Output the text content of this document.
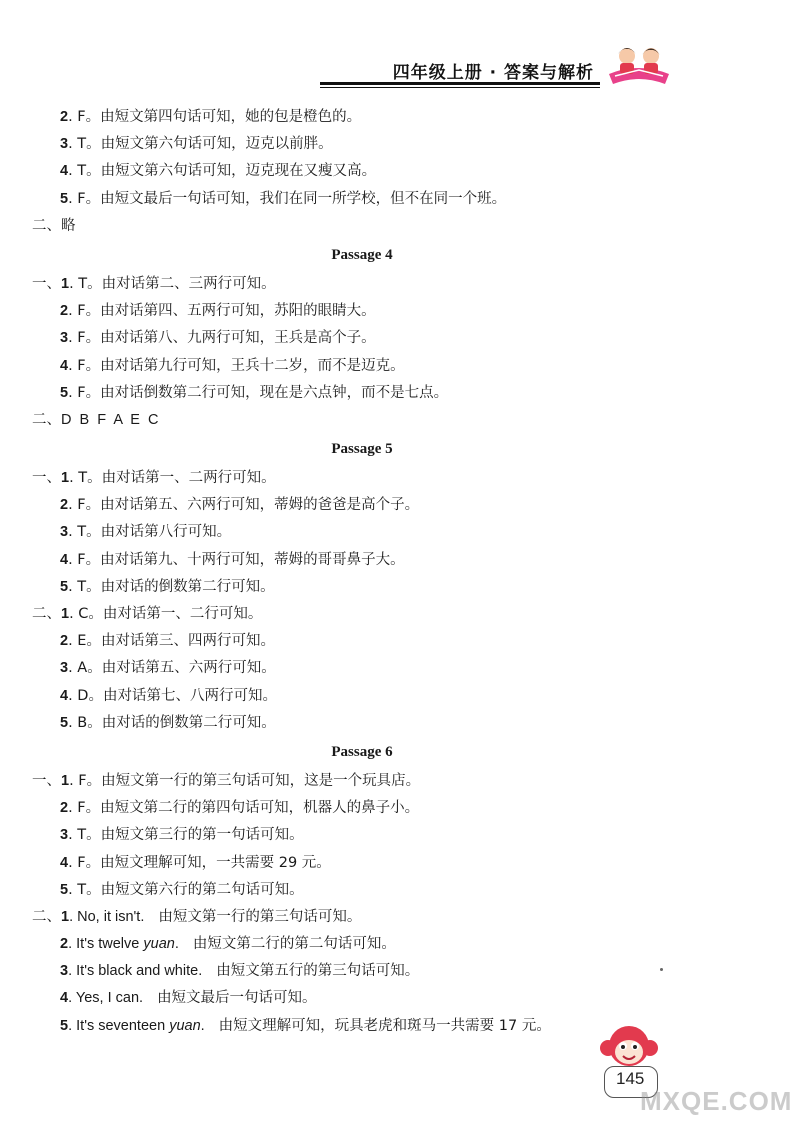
四年级上册 · 答案与解析
2. F。由短文第四句话可知，她的包是橙色的。
3. T。由短文第六句话可知，迈克以前胖。
4. T。由短文第六句话可知，迈克现在又瘦又高。
5. F。由短文最后一句话可知，我们在同一所学校，但不在同一个班。
二、略
Passage 4
一、1. T。由对话第二、三两行可知。
2. F。由对话第四、五两行可知，苏阳的眼睛大。
3. F。由对话第八、九两行可知，王兵是高个子。
4. F。由对话第九行可知，王兵十二岁，而不是迈克。
5. F。由对话倒数第二行可知，现在是六点钟，而不是七点。
二、D  B  F  A  E  C
Passage 5
一、1. T。由对话第一、二两行可知。
2. F。由对话第五、六两行可知，蒂姆的爸爸是高个子。
3. T。由对话第八行可知。
4. F。由对话第九、十两行可知，蒂姆的哥哥鼻子大。
5. T。由对话的倒数第二行可知。
二、1. C。由对话第一、二行可知。
2. E。由对话第三、四两行可知。
3. A。由对话第五、六两行可知。
4. D。由对话第七、八两行可知。
5. B。由对话的倒数第二行可知。
Passage 6
一、1. F。由短文第一行的第三句话可知，这是一个玩具店。
2. F。由短文第二行的第四句话可知，机器人的鼻子小。
3. T。由短文第三行的第一句话可知。
4. F。由短文理解可知，一共需要 29 元。
5. T。由短文第六行的第二句话可知。
二、1. No, it isn't. 由短文第一行的第三句话可知。
2. It's twelve yuan. 由短文第二行的第二句话可知。
3. It's black and white. 由短文第五行的第三句话可知。
4. Yes, I can. 由短文最后一句话可知。
5. It's seventeen yuan. 由短文理解可知，玩具老虎和斑马一共需要 17 元。
145
MXQE.COM
